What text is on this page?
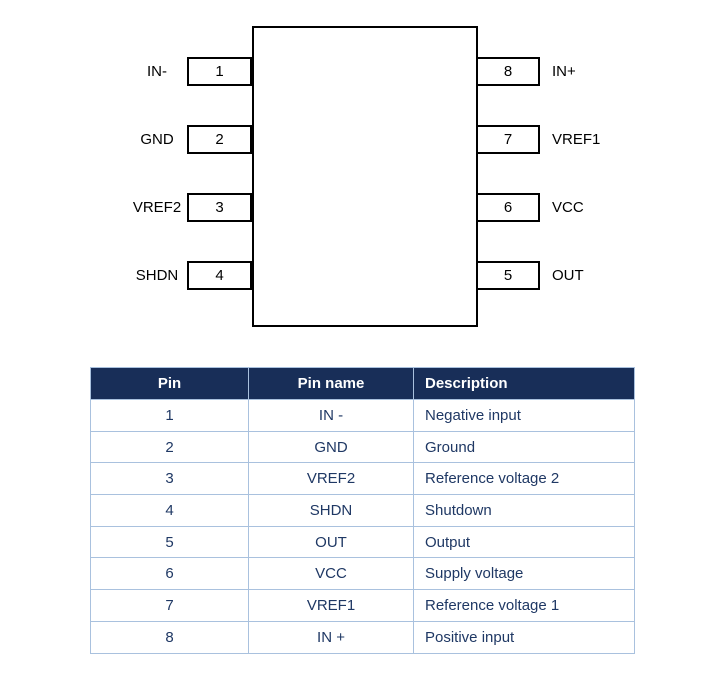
IN-	1
GND	2
VREF2	3
SHDN	4
8	IN+
7	VREF1
6	VCC
5	OUT
Pin	Pin name	Description
1	IN -	Negative input
2	GND	Ground
3	VREF2	Reference voltage 2
4	SHDN	Shutdown
5	OUT	Output
6	VCC	Supply voltage
7	VREF1	Reference voltage 1
8	IN +	Positive input
